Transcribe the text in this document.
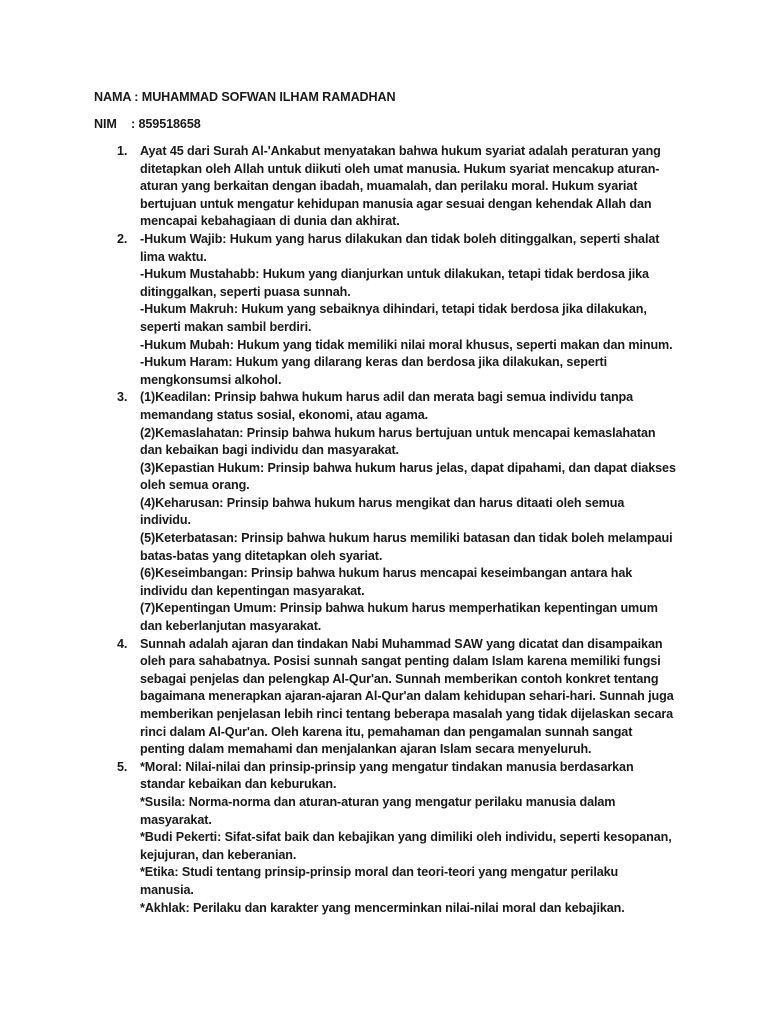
NAMA : MUHAMMAD SOFWAN ILHAM RAMADHAN
NIM : 859518658
1. Ayat 45 dari Surah Al-'Ankabut menyatakan bahwa hukum syariat adalah peraturan yang
ditetapkan oleh Allah untuk diikuti oleh umat manusia. Hukum syariat mencakup aturan-
aturan yang berkaitan dengan ibadah, muamalah, dan perilaku moral. Hukum syariat
bertujuan untuk mengatur kehidupan manusia agar sesuai dengan kehendak Allah dan
mencapai kebahagiaan di dunia dan akhirat.
2. -Hukum Wajib: Hukum yang harus dilakukan dan tidak boleh ditinggalkan, seperti shalat
lima waktu.
-Hukum Mustahabb: Hukum yang dianjurkan untuk dilakukan, tetapi tidak berdosa jika
ditinggalkan, seperti puasa sunnah.
-Hukum Makruh: Hukum yang sebaiknya dihindari, tetapi tidak berdosa jika dilakukan,
seperti makan sambil berdiri.
-Hukum Mubah: Hukum yang tidak memiliki nilai moral khusus, seperti makan dan minum.
-Hukum Haram: Hukum yang dilarang keras dan berdosa jika dilakukan, seperti
mengkonsumsi alkohol.
3. (1)Keadilan: Prinsip bahwa hukum harus adil dan merata bagi semua individu tanpa
memandang status sosial, ekonomi, atau agama.
(2)Kemaslahatan: Prinsip bahwa hukum harus bertujuan untuk mencapai kemaslahatan
dan kebaikan bagi individu dan masyarakat.
(3)Kepastian Hukum: Prinsip bahwa hukum harus jelas, dapat dipahami, dan dapat diakses
oleh semua orang.
(4)Keharusan: Prinsip bahwa hukum harus mengikat dan harus ditaati oleh semua
individu.
(5)Keterbatasan: Prinsip bahwa hukum harus memiliki batasan dan tidak boleh melampaui
batas-batas yang ditetapkan oleh syariat.
(6)Keseimbangan: Prinsip bahwa hukum harus mencapai keseimbangan antara hak
individu dan kepentingan masyarakat.
(7)Kepentingan Umum: Prinsip bahwa hukum harus memperhatikan kepentingan umum
dan keberlanjutan masyarakat.
4. Sunnah adalah ajaran dan tindakan Nabi Muhammad SAW yang dicatat dan disampaikan
oleh para sahabatnya. Posisi sunnah sangat penting dalam Islam karena memiliki fungsi
sebagai penjelas dan pelengkap Al-Qur'an. Sunnah memberikan contoh konkret tentang
bagaimana menerapkan ajaran-ajaran Al-Qur'an dalam kehidupan sehari-hari. Sunnah juga
memberikan penjelasan lebih rinci tentang beberapa masalah yang tidak dijelaskan secara
rinci dalam Al-Qur'an. Oleh karena itu, pemahaman dan pengamalan sunnah sangat
penting dalam memahami dan menjalankan ajaran Islam secara menyeluruh.
5. *Moral: Nilai-nilai dan prinsip-prinsip yang mengatur tindakan manusia berdasarkan
standar kebaikan dan keburukan.
*Susila: Norma-norma dan aturan-aturan yang mengatur perilaku manusia dalam
masyarakat.
*Budi Pekerti: Sifat-sifat baik dan kebajikan yang dimiliki oleh individu, seperti kesopanan,
kejujuran, dan keberanian.
*Etika: Studi tentang prinsip-prinsip moral dan teori-teori yang mengatur perilaku
manusia.
*Akhlak: Perilaku dan karakter yang mencerminkan nilai-nilai moral dan kebajikan.
